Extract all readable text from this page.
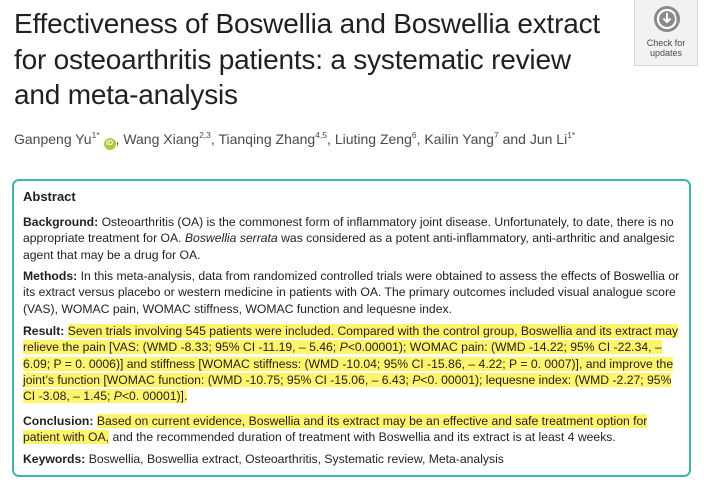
Effectiveness of Boswellia and Boswellia extract for osteoarthritis patients: a systematic review and meta-analysis
Check for
updates
Ganpeng $Yu^{1*}$ iD , Wang Xiang$^{2,3}$, Tianqing Zhang$^{4,5}$, Liuting Zeng$^6$, Kailin Yang$^7$ and Jun $Li^{1*}$
Abstract
Background: Osteoarthritis (OA) is the commonest form of inflammatory joint disease. Unfortunately, to date, there is no appropriate treatment for OA. Boswellia serrata was considered as a potent anti-inflammatory, anti-arthritic and analgesic agent that may be a drug for OA.
Methods: In this meta-analysis, data from randomized controlled trials were obtained to assess the effects of Boswellia or its extract versus placebo or western medicine in patients with OA. The primary outcomes included visual analogue score (VAS), WOMAC pain, WOMAC stiffness, WOMAC function and lequesne index.
Result: Seven trials involving 545 patients were included. Compared with the control group, Boswellia and its extract may relieve the pain [VAS: (WMD -8.33; 95% CI -11.19, – 5.46; P<0.00001); WOMAC pain: (WMD -14.22; 95% CI -22.34, – 6.09; P = 0. 0006)] and stiffness [WOMAC stiffness: (WMD -10.04; 95% CI -15.86, – 4.22; P = 0. 0007)], and improve the joint’s function [WOMAC function: (WMD -10.75; 95% CI -15.06, – 6.43; P<0. 00001); lequesne index: (WMD -2.27; 95% CI -3.08, – 1.45; P<0. 00001)].
Conclusion: Based on current evidence, Boswellia and its extract may be an effective and safe treatment option for patient with OA, and the recommended duration of treatment with Boswellia and its extract is at least 4 weeks.
Keywords: Boswellia, Boswellia extract, Osteoarthritis, Systematic review, Meta-analysis
